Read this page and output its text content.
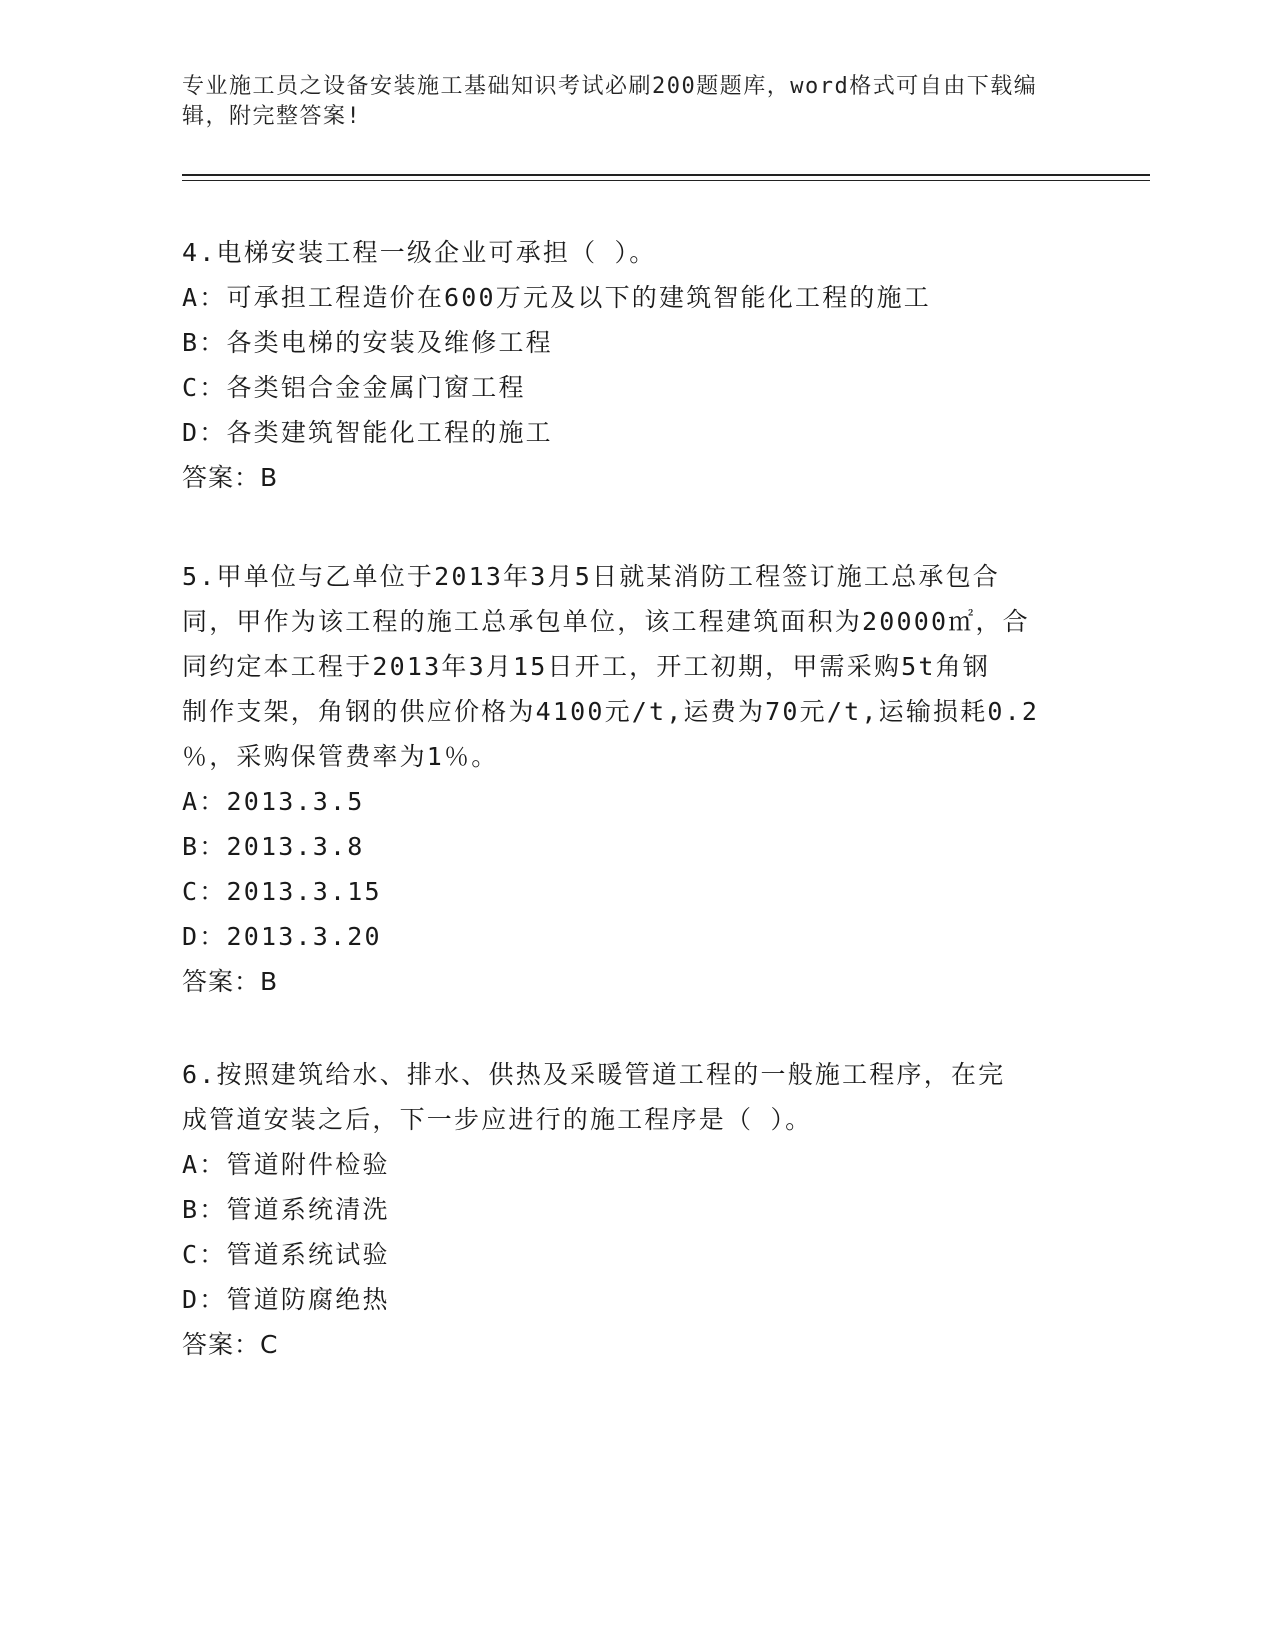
专业施工员之设备安装施工基础知识考试必刷200题题库，word格式可自由下载编辑，附完整答案!

4.电梯安装工程一级企业可承担（ ）。

A：可承担工程造价在600万元及以下的建筑智能化工程的施工

B：各类电梯的安装及维修工程

C：各类铝合金金属门窗工程

D：各类建筑智能化工程的施工

答案：B

5.甲单位与乙单位于2013年3月5日就某消防工程签订施工总承包合

同，甲作为该工程的施工总承包单位，该工程建筑面积为20000㎡，合

同约定本工程于2013年3月15日开工，开工初期，甲需采购5t角钢

制作支架，角钢的供应价格为4100元/t,运费为70元/t,运输损耗0.2

％，采购保管费率为1％。

A：2013.3.5

B：2013.3.8

C：2013.3.15

D：2013.3.20

答案：B

6.按照建筑给水、排水、供热及采暖管道工程的一般施工程序，在完

成管道安装之后，下一步应进行的施工程序是（ ）。

A：管道附件检验

B：管道系统清洗

C：管道系统试验

D：管道防腐绝热

答案：C
